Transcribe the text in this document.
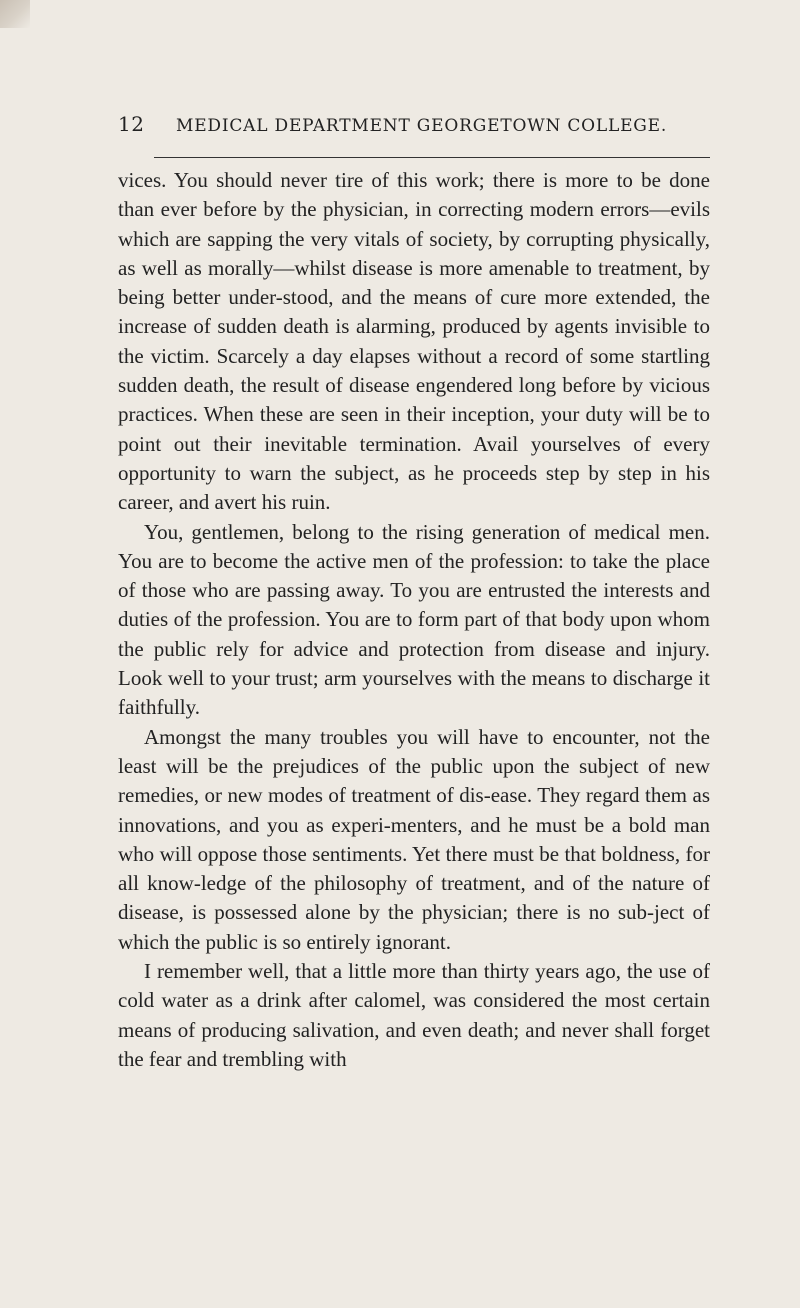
12	MEDICAL DEPARTMENT GEORGETOWN COLLEGE.

vices. You should never tire of this work; there is more to be done than ever before by the physician, in correcting modern errors—evils which are sapping the very vitals of society, by corrupting physically, as well as morally—whilst disease is more amenable to treatment, by being better under-stood, and the means of cure more extended, the increase of sudden death is alarming, produced by agents invisible to the victim. Scarcely a day elapses without a record of some startling sudden death, the result of disease engendered long before by vicious practices. When these are seen in their inception, your duty will be to point out their inevitable termination. Avail yourselves of every opportunity to warn the subject, as he proceeds step by step in his career, and avert his ruin.

You, gentlemen, belong to the rising generation of medical men. You are to become the active men of the profession: to take the place of those who are passing away. To you are entrusted the interests and duties of the profession. You are to form part of that body upon whom the public rely for advice and protection from disease and injury. Look well to your trust; arm yourselves with the means to discharge it faithfully.

Amongst the many troubles you will have to encounter, not the least will be the prejudices of the public upon the subject of new remedies, or new modes of treatment of dis-ease. They regard them as innovations, and you as experi-menters, and he must be a bold man who will oppose those sentiments. Yet there must be that boldness, for all know-ledge of the philosophy of treatment, and of the nature of disease, is possessed alone by the physician; there is no sub-ject of which the public is so entirely ignorant.

I remember well, that a little more than thirty years ago, the use of cold water as a drink after calomel, was considered the most certain means of producing salivation, and even death; and never shall forget the fear and trembling with
